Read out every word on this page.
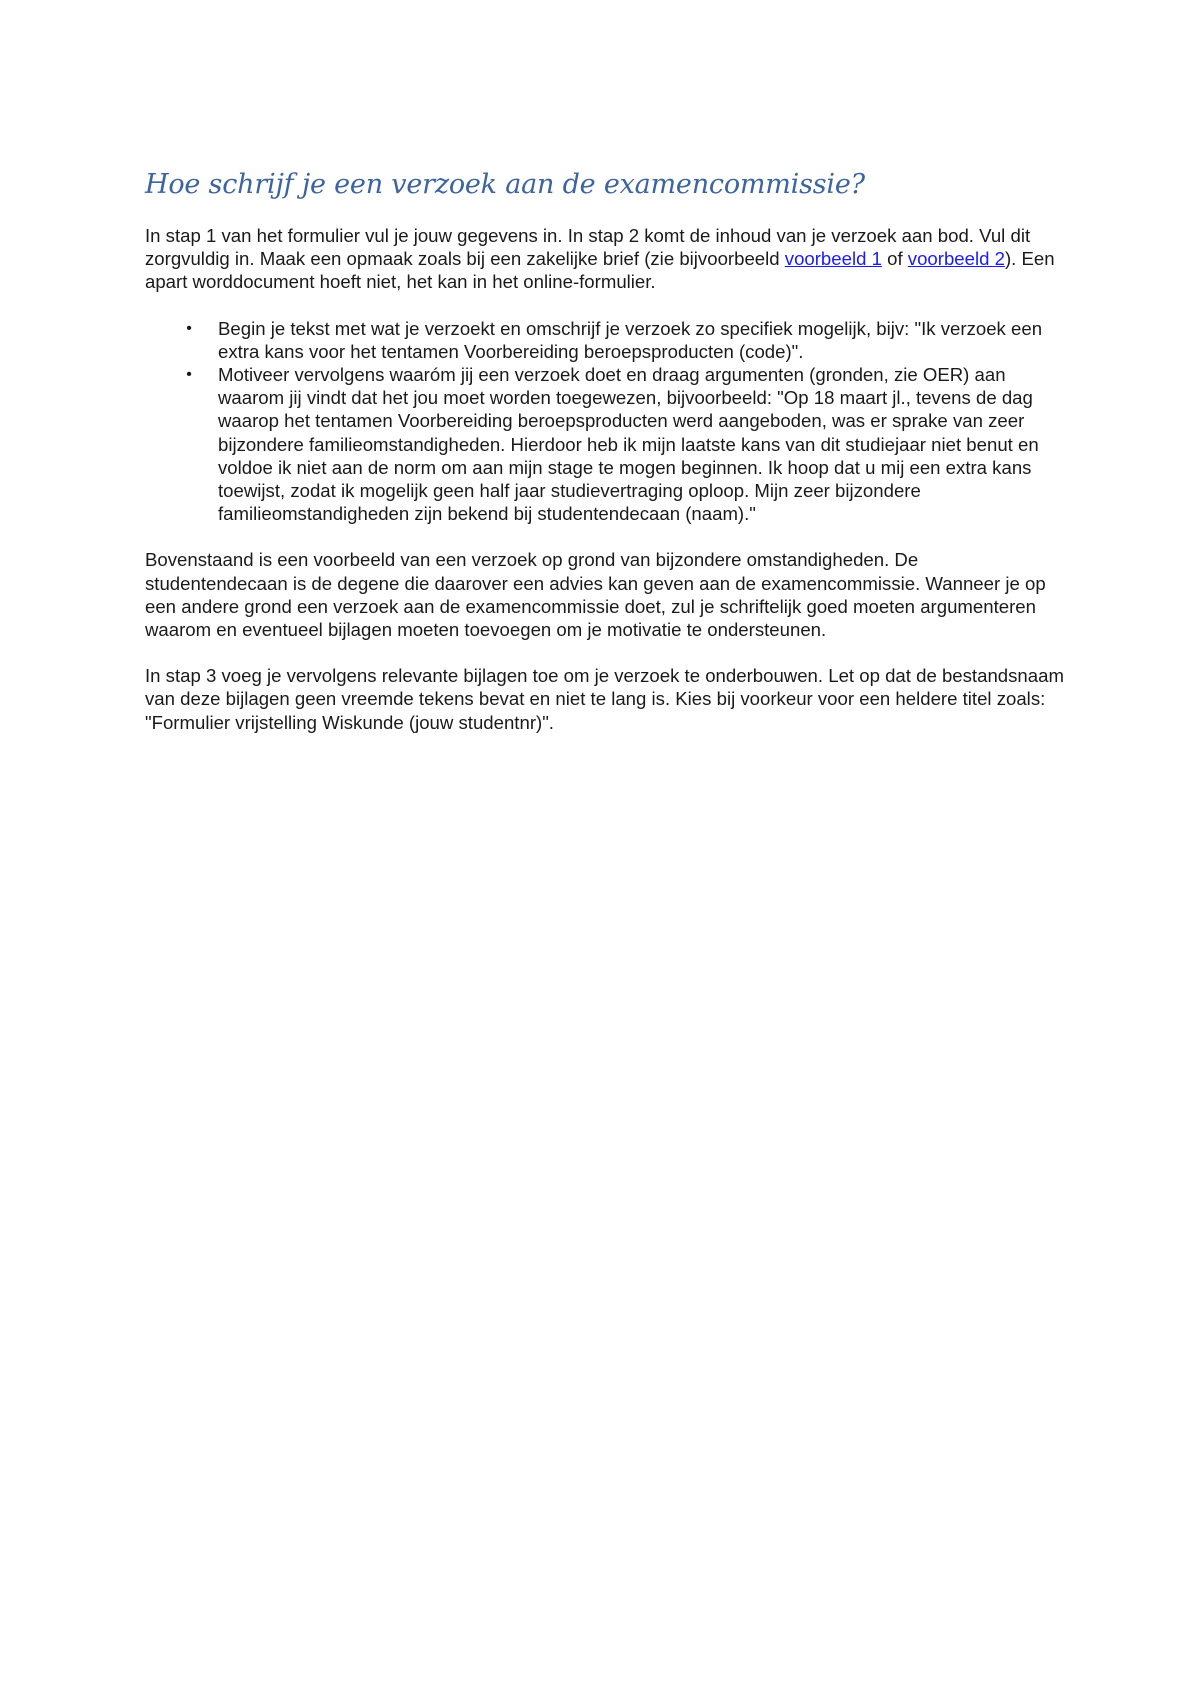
Hoe schrijf je een verzoek aan de examencommissie?

In stap 1 van het formulier vul je jouw gegevens in. In stap 2 komt de inhoud van je verzoek aan bod. Vul dit zorgvuldig in. Maak een opmaak zoals bij een zakelijke brief (zie bijvoorbeeld voorbeeld 1 of voorbeeld 2). Een apart worddocument hoeft niet, het kan in het online-formulier.

• Begin je tekst met wat je verzoekt en omschrijf je verzoek zo specifiek mogelijk, bijv: "Ik verzoek een extra kans voor het tentamen Voorbereiding beroepsproducten (code)".
• Motiveer vervolgens waaróm jij een verzoek doet en draag argumenten (gronden, zie OER) aan waarom jij vindt dat het jou moet worden toegewezen, bijvoorbeeld: "Op 18 maart jl., tevens de dag waarop het tentamen Voorbereiding beroepsproducten werd aangeboden, was er sprake van zeer bijzondere familieomstandigheden. Hierdoor heb ik mijn laatste kans van dit studiejaar niet benut en voldoe ik niet aan de norm om aan mijn stage te mogen beginnen. Ik hoop dat u mij een extra kans toewijst, zodat ik mogelijk geen half jaar studievertraging oploop. Mijn zeer bijzondere familieomstandigheden zijn bekend bij studentendecaan (naam)."

Bovenstaand is een voorbeeld van een verzoek op grond van bijzondere omstandigheden. De studentendecaan is de degene die daarover een advies kan geven aan de examencommissie. Wanneer je op een andere grond een verzoek aan de examencommissie doet, zul je schriftelijk goed moeten argumenteren waarom en eventueel bijlagen moeten toevoegen om je motivatie te ondersteunen.

In stap 3 voeg je vervolgens relevante bijlagen toe om je verzoek te onderbouwen. Let op dat de bestandsnaam van deze bijlagen geen vreemde tekens bevat en niet te lang is. Kies bij voorkeur voor een heldere titel zoals: "Formulier vrijstelling Wiskunde (jouw studentnr)".
